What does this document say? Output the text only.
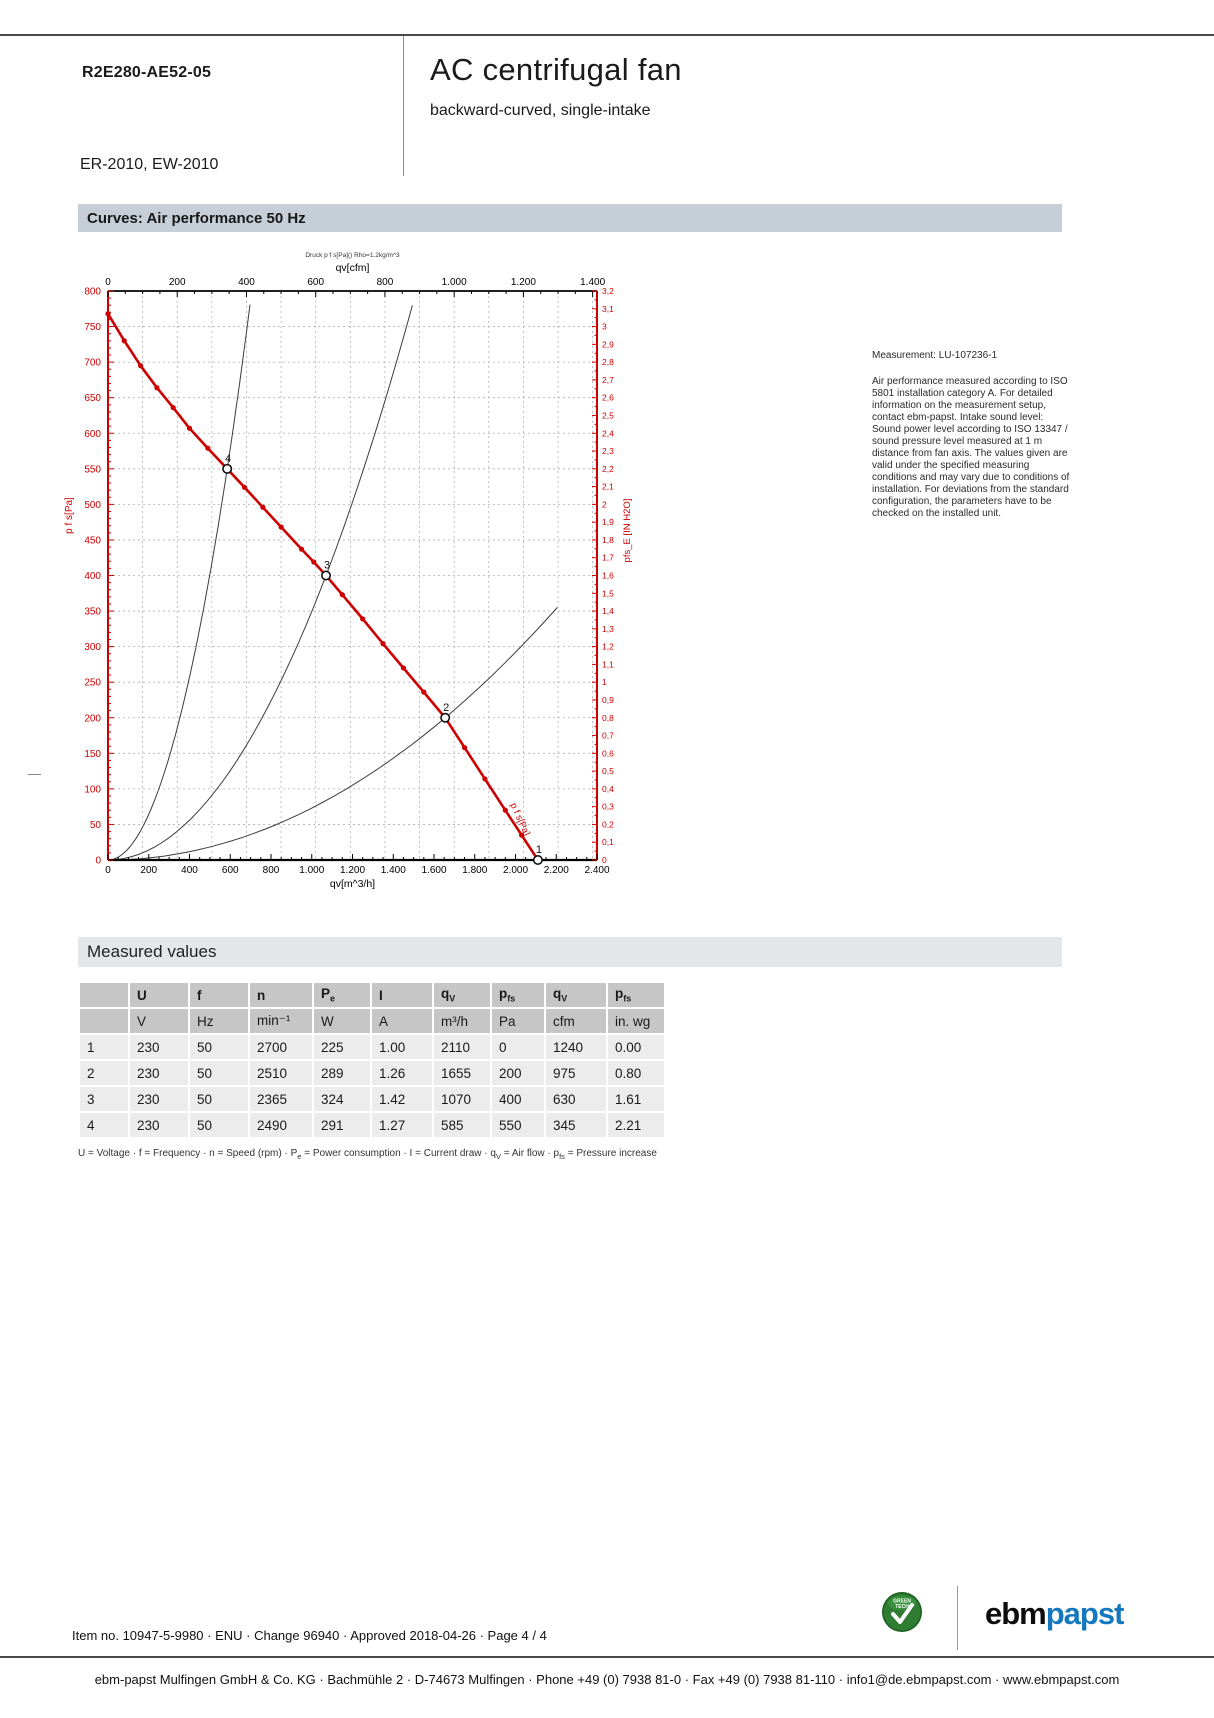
R2E280-AE52-05	AC centrifugal fan
backward-curved, single-intake
ER-2010, EW-2010
Curves: Air performance 50 Hz
p f s[Pa]
0	200 400 600 800 1.000 1.200 1.400 1.600 1.800 2.000 2.200 2.400
qv[m^3/h]
0	200	400	600	800	1.000	1.200	1.400
qv[cfm]
Druck p f s[Pa]() Rho=1.2kg/m^3
800
750
700
650
600
550
500
450
400
350
300
250
200
150
100
50
0
p f s[Pa]
3,2
3,1
3
2,9
2,8
2,7
2,6
2,5
2,4
2,3
2,2
2,1
2
1,9
1,8
1,7
1,6
1,5
1,4
1,3
1,2
1,1
1
0,9
0,8
0,7
0,6
0,5
0,4
0,3
0,2
0,1
0
pfs_E [IN H2O]
1
2
3
4
Measurement: LU-107236-1
Air performance measured according to ISO 5801 installation category A. For detailed information on the measurement setup, contact ebm-papst. Intake sound level: Sound power level according to ISO 13347 / sound pressure level measured at 1 m distance from fan axis. The values given are valid under the specified measuring conditions and may vary due to conditions of installation. For deviations from the standard configuration, the parameters have to be checked on the installed unit.
—
Measured values
	U	f	n	$P_e$	I	$q_V$	$p_{fs}$	$q_V$	$p_{fs}$
	V	Hz	min⁻¹	W	A	m³/h	Pa	cfm	in. wg
1	230	50	2700	225	1.00	2110	0	1240	0.00
2	230	50	2510	289	1.26	1655	200	975	0.80
3	230	50	2365	324	1.42	1070	400	630	1.61
4	230	50	2490	291	1.27	585	550	345	2.21
U = Voltage · f = Frequency · n = Speed $(rpm) \cdot P_e$ = Power consumption · I = Current draw · $q_V$ = Air flow · $p_{fs}$ = Pressure increase
Item no. 10947-5-9980 · ENU · Change 96940 · Approved 2018-04-26 · Page 4 / 4
GREEN
TECH ebmpapst
ebm-papst Mulfingen GmbH & Co. KG · Bachmühle 2 · D-74673 Mulfingen · Phone +49 (0) 7938 81-0 · Fax +49 (0) 7938 81-110 · info1@de.ebmpapst.com · www.ebmpapst.com
